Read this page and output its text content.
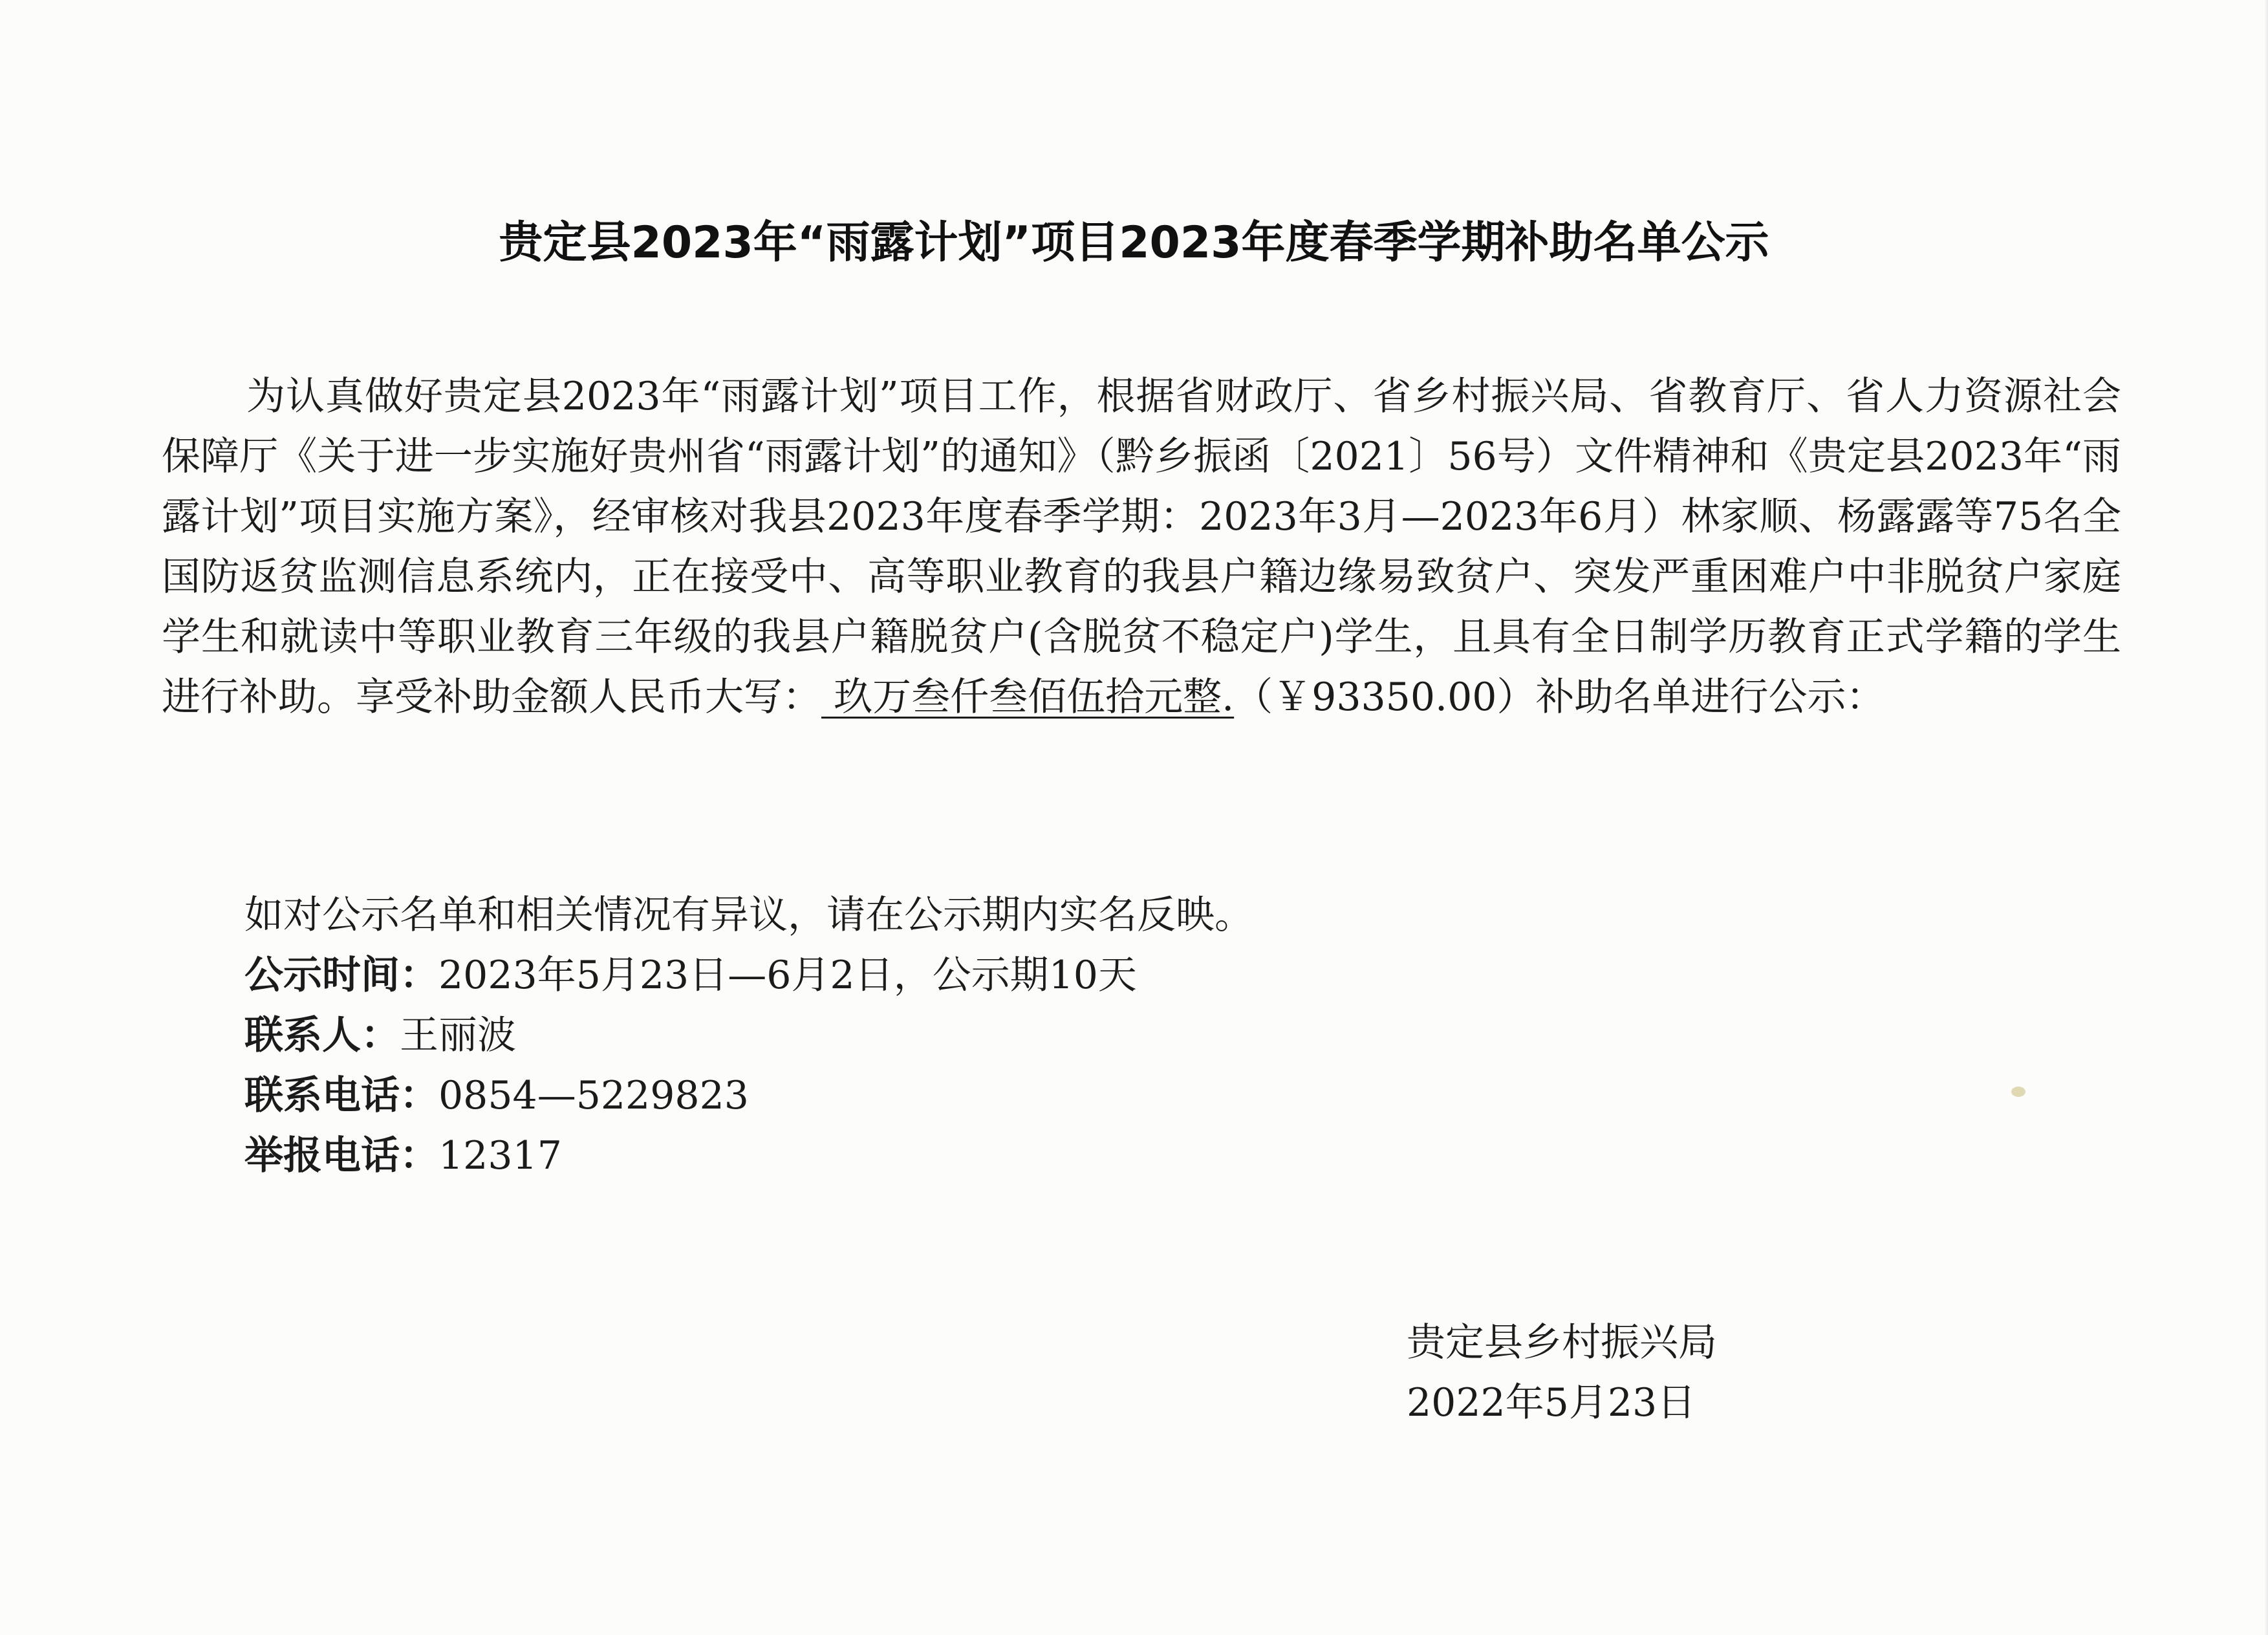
贵定县2023年“雨露计划”项目2023年度春季学期补助名单公示
为认真做好贵定县2023年“雨露计划”项目工作，根据省财政厅、省乡村振兴局、省教育厅、省人力资源社会保障厅《关于进一步实施好贵州省“雨露计划”的通知》（黔乡振函〔2021〕56号）文件精神和《贵定县2023年“雨露计划”项目实施方案》，经审核对我县2023年度春季学期：2023年3月—2023年6月）林家顺、杨露露等75名全国防返贫监测信息系统内，正在接受中、高等职业教育的我县户籍边缘易致贫户、突发严重困难户中非脱贫户家庭学生和就读中等职业教育三年级的我县户籍脱贫户(含脱贫不稳定户)学生，且具有全日制学历教育正式学籍的学生进行补助。享受补助金额人民币大写： 玖万叁仟叁佰伍拾元整.（￥93350.00）补助名单进行公示：
如对公示名单和相关情况有异议，请在公示期内实名反映。
公示时间：2023年5月23日—6月2日，公示期10天
联系人：王丽波
联系电话：0854—5229823
举报电话：12317
贵定县乡村振兴局
2022年5月23日
